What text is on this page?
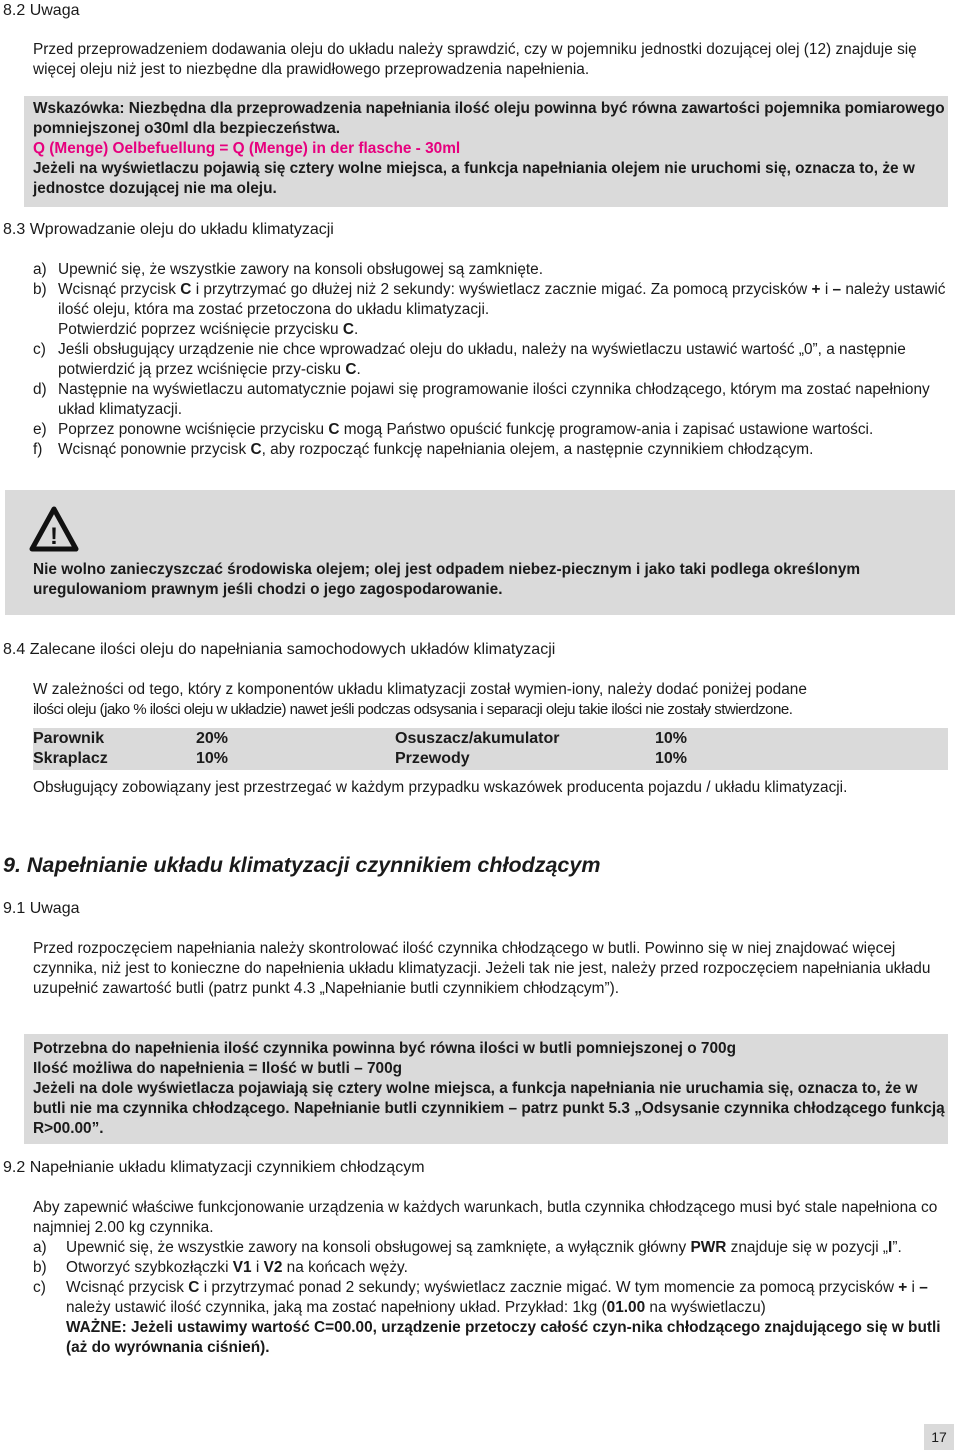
8.2 Uwaga
Przed przeprowadzeniem dodawania oleju do układu należy sprawdzić, czy w pojemniku jednostki dozującej olej (12) znajduje się więcej oleju niż jest to niezbędne dla prawidłowego przeprowadzenia napełnienia.
Wskazówka: Niezbędna dla przeprowadzenia napełniania ilość oleju powinna być równa zawartości pojemnika pomiarowego pomniejszonej o30ml dla bezpieczeństwa.
Q (Menge) Oelbefuellung = Q (Menge) in der flasche - 30ml
Jeżeli na wyświetlaczu pojawią się cztery wolne miejsca, a funkcja napełniania olejem nie uruchomi się, oznacza to, że w jednostce dozującej nie ma oleju.
8.3 Wprowadzanie oleju do układu klimatyzacji
a) Upewnić się, że wszystkie zawory na konsoli obsługowej są zamknięte.
b) Wcisnąć przycisk C i przytrzymać go dłużej niż 2 sekundy: wyświetlacz zacznie migać. Za pomocą przycisków + i – należy ustawić ilość oleju, która ma zostać przetoczona do układu klimatyzacji.
Potwierdzić poprzez wciśnięcie przycisku C.
c) Jeśli obsługujący urządzenie nie chce wprowadzać oleju do układu, należy na wyświetlaczu ustawić wartość „0”, a następnie potwierdzić ją przez wciśnięcie przy-cisku C.
d) Następnie na wyświetlaczu automatycznie pojawi się programowanie ilości czynnika chłodzącego, którym ma zostać napełniony układ klimatyzacji.
e) Poprzez ponowne wciśnięcie przycisku C mogą Państwo opuścić funkcję programow-ania i zapisać ustawione wartości.
f)	Wcisnąć ponownie przycisk C, aby rozpocząć funkcję napełniania olejem, a następnie czynnikiem chłodzącym.
!
Nie wolno zanieczyszczać środowiska olejem; olej jest odpadem niebez-piecznym i jako taki podlega określonym uregulowaniom prawnym jeśli chodzi o jego zagospodarowanie.
8.4 Zalecane ilości oleju do napełniania samochodowych układów klimatyzacji
W zależności od tego, który z komponentów układu klimatyzacji został wymien-iony, należy dodać poniżej podane
ilości oleju (jako % ilości oleju w układzie) nawet jeśli podczas odsysania i separacji oleju takie ilości nie zostały stwierdzone.
Parownik	20%	Osuszacz/akumulator	10%
Skraplacz	10%	Przewody	10%
Obsługujący zobowiązany jest przestrzegać w każdym przypadku wskazówek producenta pojazdu / układu klimatyzacji.
9. Napełnianie układu klimatyzacji czynnikiem chłodzącym
9.1 Uwaga
Przed rozpoczęciem napełniania należy skontrolować ilość czynnika chłodzącego w butli. Powinno się w niej znajdować więcej czynnika, niż jest to konieczne do napełnienia układu klimatyzacji. Jeżeli tak nie jest, należy przed rozpoczęciem napełniania układu uzupełnić zawartość butli (patrz punkt 4.3 „Napełnianie butli czynnikiem chłodzącym”).
Potrzebna do napełnienia ilość czynnika powinna być równa ilości w butli pomniejszonej o 700g
Ilość możliwa do napełnienia = Ilość w butli – 700g
Jeżeli na dole wyświetlacza pojawiają się cztery wolne miejsca, a funkcja napełniania nie uruchamia się, oznacza to, że w butli nie ma czynnika chłodzącego. Napełnianie butli czynnikiem – patrz punkt 5.3 „Odsysanie czynnika chłodzącego funkcją R>00.00”.
9.2 Napełnianie układu klimatyzacji czynnikiem chłodzącym
Aby zapewnić właściwe funkcjonowanie urządzenia w każdych warunkach, butla czynnika chłodzącego musi być stale napełniona co najmniej 2.00 kg czynnika.
a)	Upewnić się, że wszystkie zawory na konsoli obsługowej są zamknięte, a wyłącznik główny PWR znajduje się w pozycji „I”.
b)	Otworzyć szybkozłączki V1 i V2 na końcach węży.
c)	Wcisnąć przycisk C i przytrzymać ponad 2 sekundy; wyświetlacz zacznie migać. W tym momencie za pomocą przycisków + i – należy ustawić ilość czynnika, jaką ma zostać napełniony układ. Przykład: 1kg (01.00 na wyświetlaczu)
WAŻNE: Jeżeli ustawimy wartość C=00.00, urządzenie przetoczy całość czyn-nika chłodzącego znajdującego się w butli (aż do wyrównania ciśnień).
17
